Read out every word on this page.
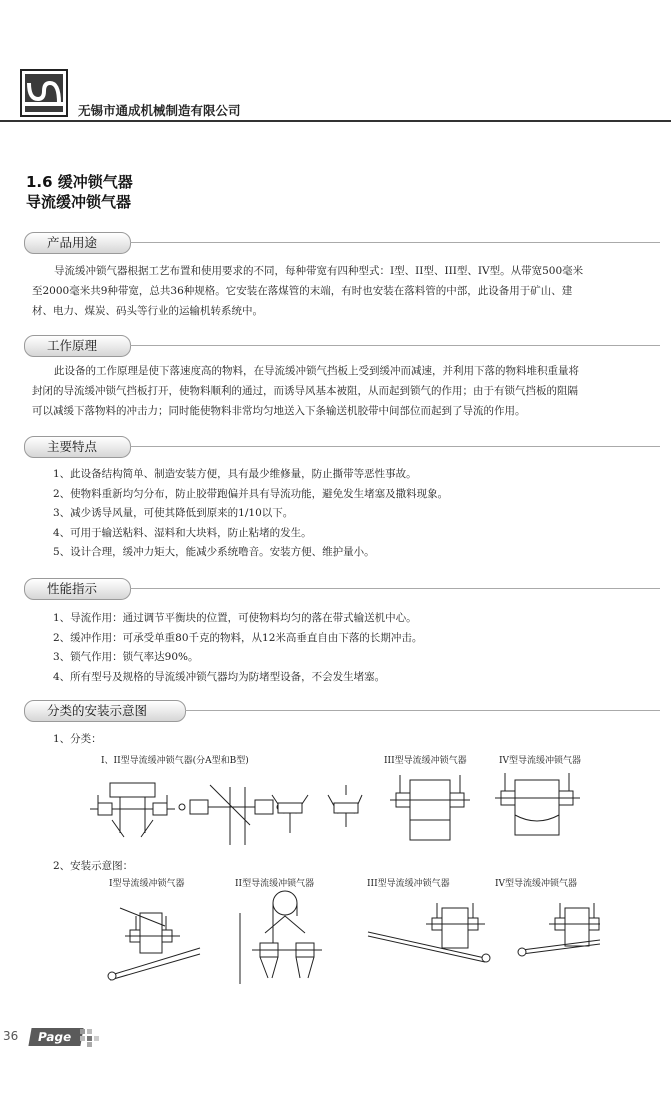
无锡市通成机械制造有限公司
1.6 缓冲锁气器
导流缓冲锁气器
产品用途

导流缓冲锁气器根据工艺布置和使用要求的不同，每种带宽有四种型式：I型、II型、III型、IV型。从带宽500毫米

至2000毫米共9种带宽，总共36种规格。它安装在落煤管的末端，有时也安装在落料管的中部，此设备用于矿山、建

材、电力、煤炭、码头等行业的运输机转系统中。

工作原理

此设备的工作原理是使下落速度高的物料，在导流缓冲锁气挡板上受到缓冲而减速，并利用下落的物料堆积重量将

封闭的导流缓冲锁气挡板打开，使物料顺利的通过，而诱导风基本被阻，从而起到锁气的作用；由于有锁气挡板的阻隔

可以减缓下落物料的冲击力；同时能使物料非常均匀地送入下条输送机胶带中间部位而起到了导流的作用。

主要特点

1、此设备结构简单、制造安装方便，具有最少维修量，防止撕带等恶性事故。

2、使物料重新均匀分布，防止胶带跑偏并具有导流功能，避免发生堵塞及撒料现象。

3、减少诱导风量，可使其降低到原来的1/10以下。

4、可用于输送粘料、湿料和大块料，防止粘堵的发生。

5、设计合理，缓冲力矩大，能减少系统噜音。安装方便、维护量小。

性能指示

1、导流作用：通过调节平衡块的位置，可使物料均匀的落在带式输送机中心。

2、缓冲作用：可承受单重80千克的物料，从12米高垂直自由下落的长期冲击。

3、锁气作用：锁气率达90%。

4、所有型号及规格的导流缓冲锁气器均为防堵型设备，不会发生堵塞。

分类的安装示意图
1、分类：
I、II型导流缓冲锁气器(分A型和B型)	III型导流缓冲锁气器	IV型导流缓冲锁气器
2、安装示意图：
I型导流缓冲锁气器	II型导流缓冲锁气器	III型导流缓冲锁气器	IV型导流缓冲锁气器
36	Page
